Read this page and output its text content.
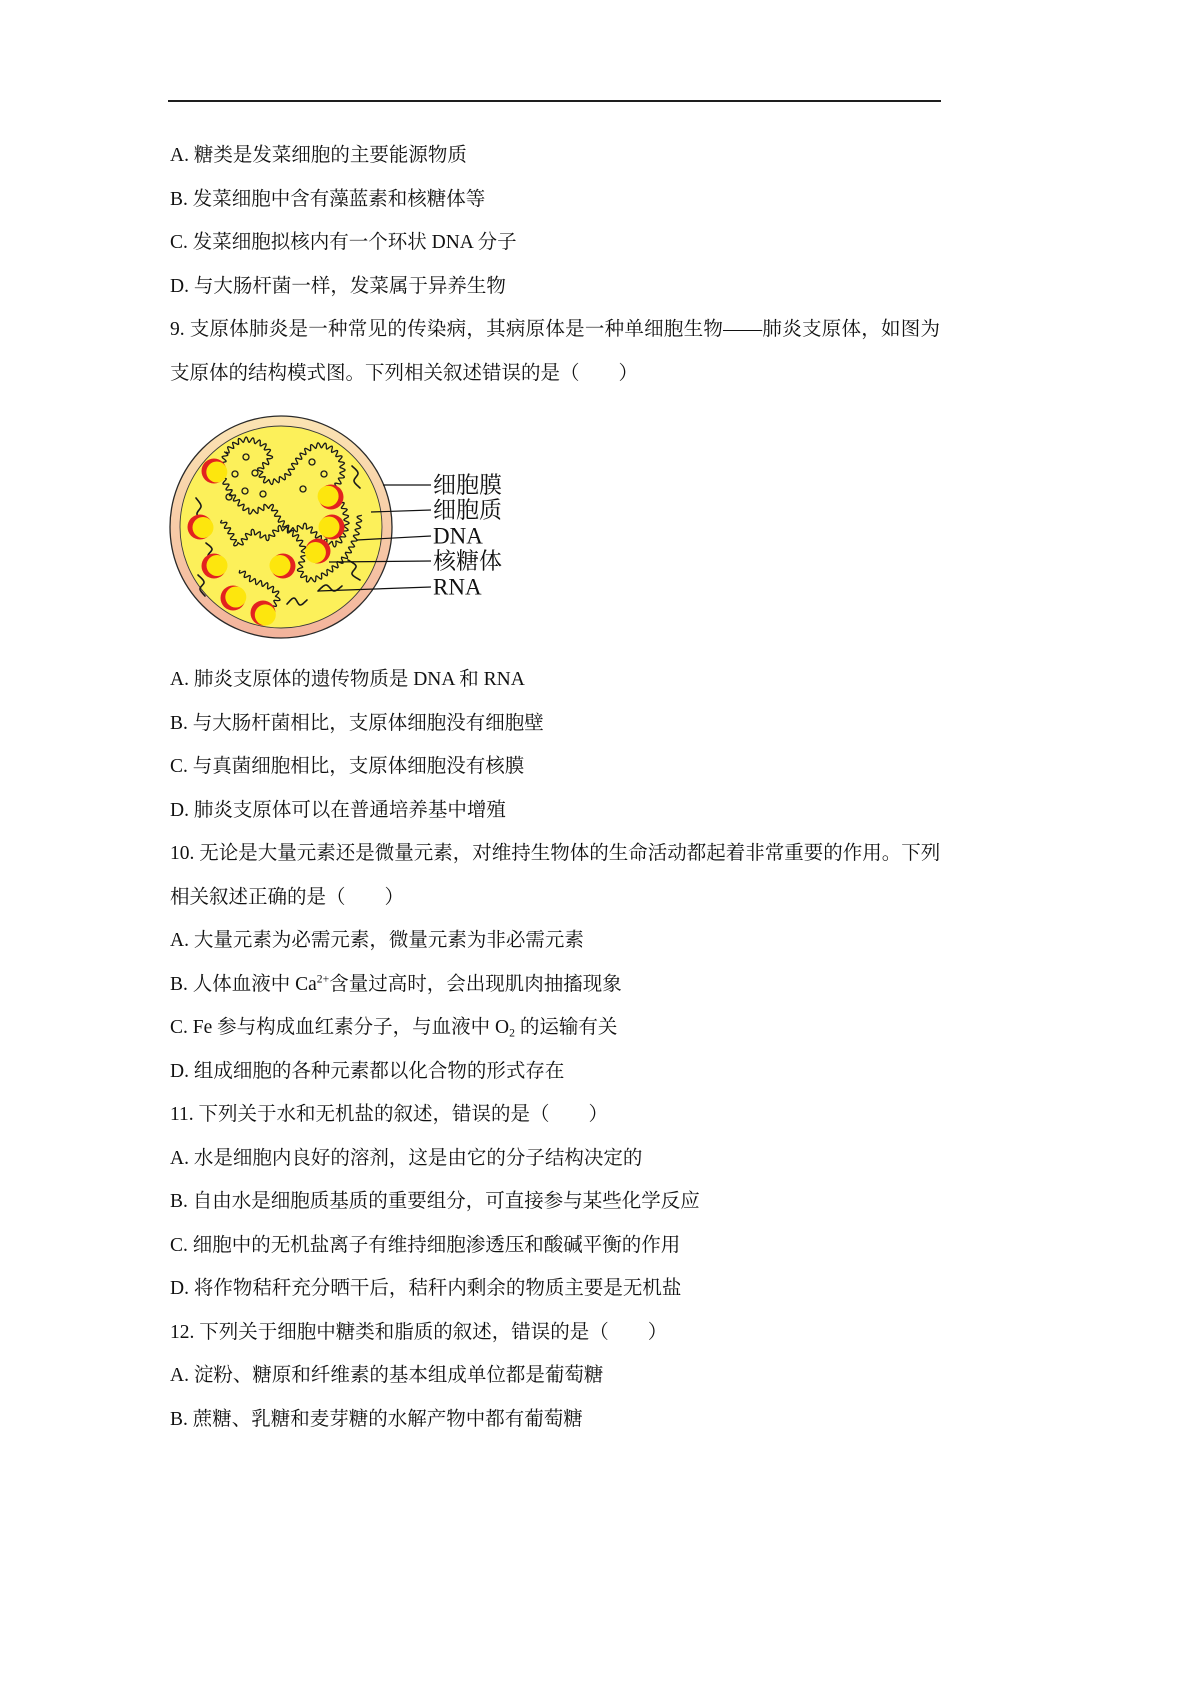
A. 糖类是发菜细胞的主要能源物质
B. 发菜细胞中含有藻蓝素和核糖体等
C. 发菜细胞拟核内有一个环状 DNA 分子
D. 与大肠杆菌一样，发菜属于异养生物
9. 支原体肺炎是一种常见的传染病，其病原体是一种单细胞生物——肺炎支原体，如图为
支原体的结构模式图。下列相关叙述错误的是（　　）
细胞膜
细胞质
DNA
核糖体
RNA
A. 肺炎支原体的遗传物质是 DNA 和 RNA
B. 与大肠杆菌相比，支原体细胞没有细胞壁
C. 与真菌细胞相比，支原体细胞没有核膜
D. 肺炎支原体可以在普通培养基中增殖
10. 无论是大量元素还是微量元素，对维持生物体的生命活动都起着非常重要的作用。下列
相关叙述正确的是（　　）
A. 大量元素为必需元素，微量元素为非必需元素
B. 人体血液中 $Ca^{2+}$含量过高时，会出现肌肉抽搐现象
C. Fe 参与构成血红素分子，与血液中 $O_2$ 的运输有关
D. 组成细胞的各种元素都以化合物的形式存在
11. 下列关于水和无机盐的叙述，错误的是（　　）
A. 水是细胞内良好的溶剂，这是由它的分子结构决定的
B. 自由水是细胞质基质的重要组分，可直接参与某些化学反应
C. 细胞中的无机盐离子有维持细胞渗透压和酸碱平衡的作用
D. 将作物秸秆充分晒干后，秸秆内剩余的物质主要是无机盐
12. 下列关于细胞中糖类和脂质的叙述，错误的是（　　）
A. 淀粉、糖原和纤维素的基本组成单位都是葡萄糖
B. 蔗糖、乳糖和麦芽糖的水解产物中都有葡萄糖
